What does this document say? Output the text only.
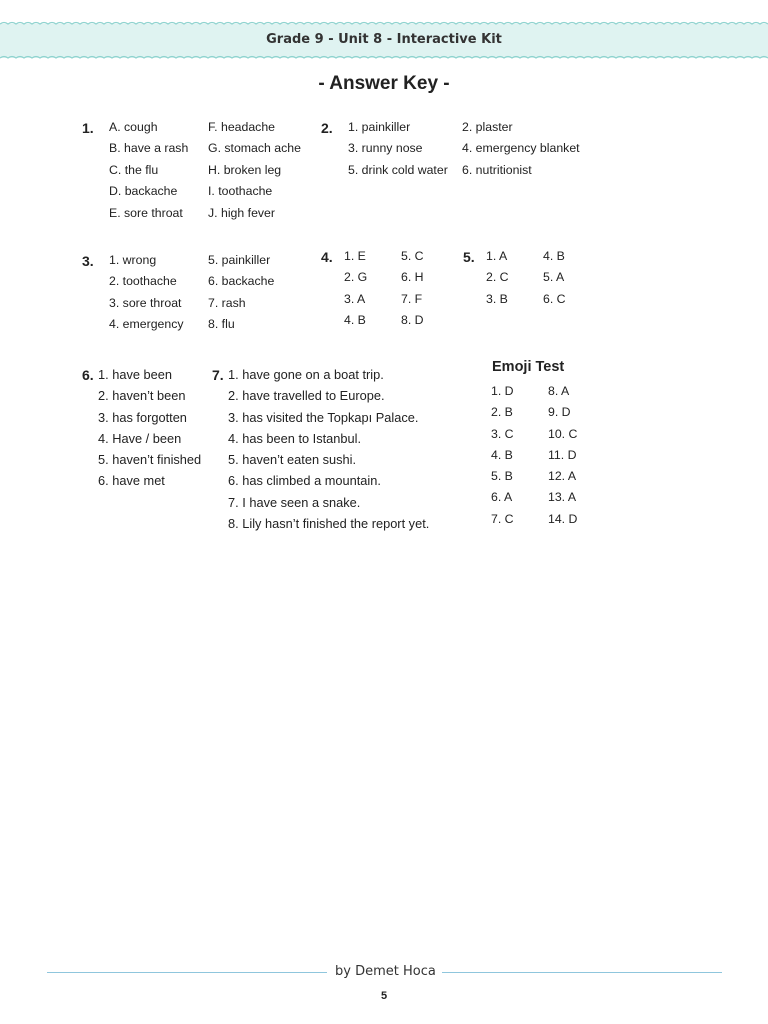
Grade 9 - Unit 8 - Interactive Kit
- Answer Key -
1. A. cough
B. have a rash
C. the flu
D. backache
E. sore throat
F. headache
G. stomach ache
H. broken leg
I. toothache
J. high fever
2. 1. painkiller
3. runny nose
5. drink cold water
2. plaster
4. emergency blanket
6. nutritionist
3. 1. wrong
2. toothache
3. sore throat
4. emergency
5. painkiller
6. backache
7. rash
8. flu
4. 1. E
2. G
3. A
4. B
5. C
6. H
7. F
8. D
5. 1. A
2. C
3. B
4. B
5. A
6. C
6. 1. have been
2. haven’t been
3. has forgotten
4. Have / been
5. haven’t finished
6. have met
7. 1. have gone on a boat trip.
2. have travelled to Europe.
3. has visited the Topkapı Palace.
4. has been to Istanbul.
5. haven’t eaten sushi.
6. has climbed a mountain.
7. I have seen a snake.
8. Lily hasn’t finished the report yet.
Emoji Test
1. D
2. B
3. C
4. B
5. B
6. A
7. C
8. A
9. D
10. C
11. D
12. A
13. A
14. D
by Demet Hoca
5
